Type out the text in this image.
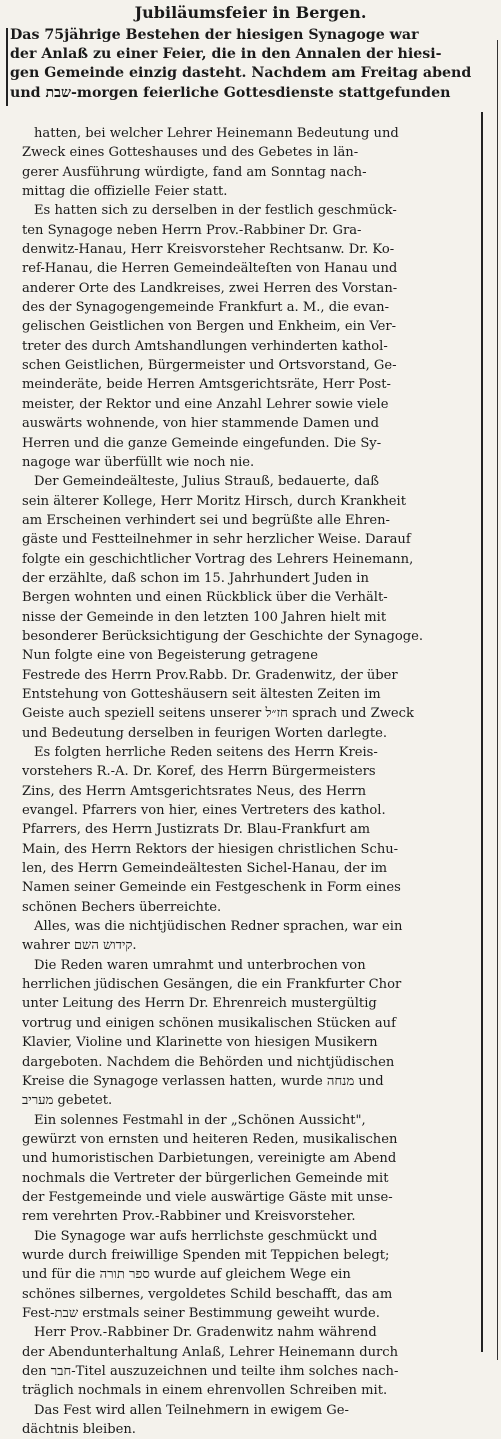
Jubiläumsfeier in Bergen.
Das 75jährige Bestehen der hiesigen Synagoge war
der Anlaß zu einer Feier, die in den Annalen der hiesi-
gen Gemeinde einzig dasteht. Nachdem am Freitag abend
und שבת-morgen feierliche Gottesdienste stattgefunden

hatten, bei welcher Lehrer Heinemann Bedeutung und
Zweck eines Gotteshauses und des Gebetes in län-
gerer Ausführung würdigte, fand am Sonntag nach-
mittag die offizielle Feier statt.

Es hatten sich zu derselben in der festlich geschmück-
ten Synagoge neben Herrn Prov.-Rabbiner Dr. Gra-
denwitz-Hanau, Herr Kreisvorsteher Rechtsanw. Dr. Ko-
ref-Hanau, die Herren Gemeindeälteſten von Hanau und
anderer Orte des Landkreises, zwei Herren des Vorstan-
des der Synagogengemeinde Frankfurt a. M., die evan-
gelischen Geistlichen von Bergen und Enkheim, ein Ver-
treter des durch Amtshandlungen verhinderten kathol-
schen Geistlichen, Bürgermeister und Ortsvorstand, Ge-
meinderäte, beide Herren Amtsgerichtsräte, Herr Post-
meister, der Rektor und eine Anzahl Lehrer sowie viele
auswärts wohnende, von hier stammende Damen und
Herren und die ganze Gemeinde eingefunden. Die Sy-
nagoge war überfüllt wie noch nie.

Der Gemeindeälteste, Julius Strauß, bedauerte, daß
sein älterer Kollege, Herr Moritz Hirsch, durch Krankheit
am Erscheinen verhindert sei und begrüßte alle Ehren-
gäste und Festteilnehmer in sehr herzlicher Weise. Darauf
folgte ein geschichtlicher Vortrag des Lehrers Heinemann,
der erzählte, daß schon im 15. Jahrhundert Juden in
Bergen wohnten und einen Rückblick über die Verhält-
nisse der Gemeinde in den letzten 100 Jahren hielt mit
besonderer Berücksichtigung der Geschichte der Synagoge.
Nun folgte eine von Begeisterung getragene
Festrede des Herrn Prov.Rabb. Dr. Gradenwitz, der über
Entstehung von Gotteshäusern seit ältesten Zeiten im
Geiste auch speziell seitens unserer חז״ל sprach und Zweck
und Bedeutung derselben in feurigen Worten darlegte.

Es folgten herrliche Reden seitens des Herrn Kreis-
vorstehers R.-A. Dr. Koref, des Herrn Bürgermeisters
Zins, des Herrn Amtsgerichtsrates Neus, des Herrn
evangel. Pfarrers von hier, eines Vertreters des kathol.
Pfarrers, des Herrn Justizrats Dr. Blau-Frankfurt am
Main, des Herrn Rektors der hiesigen christlichen Schu-
len, des Herrn Gemeindeältesten Sichel-Hanau, der im
Namen seiner Gemeinde ein Festgeschenk in Form eines
schönen Bechers überreichte.

Alles, was die nichtjüdischen Redner sprachen, war ein
wahrer קידוש השם.

Die Reden waren umrahmt und unterbrochen von
herrlichen jüdischen Gesängen, die ein Frankfurter Chor
unter Leitung des Herrn Dr. Ehrenreich mustergültig
vortrug und einigen schönen musikalischen Stücken auf
Klavier, Violine und Klarinette von hiesigen Musikern
dargeboten. Nachdem die Behörden und nichtjüdischen
Kreise die Synagoge verlassen hatten, wurde מנחה und
מעריב gebetet.

Ein solennes Festmahl in der „Schönen Aussicht",
gewürzt von ernsten und heiteren Reden, musikalischen
und humoristischen Darbietungen, vereinigte am Abend
nochmals die Vertreter der bürgerlichen Gemeinde mit
der Festgemeinde und viele auswärtige Gäste mit unse-
rem verehrten Prov.-Rabbiner und Kreisvorsteher.

Die Synagoge war aufs herrlichste geschmückt und
wurde durch freiwillige Spenden mit Teppichen belegt;
und für die ספר תורה wurde auf gleichem Wege ein
schönes silbernes, vergoldetes Schild beschafft, das am
Fest-שבת erstmals seiner Bestimmung geweiht wurde.

Herr Prov.-Rabbiner Dr. Gradenwitz nahm während
der Abendunterhaltung Anlaß, Lehrer Heinemann durch
den חבר-Titel auszuzeichnen und teilte ihm solches nach-
träglich nochmals in einem ehrenvollen Schreiben mit.

Das Fest wird allen Teilnehmern in ewigem Ge-
dächtnis bleiben.
